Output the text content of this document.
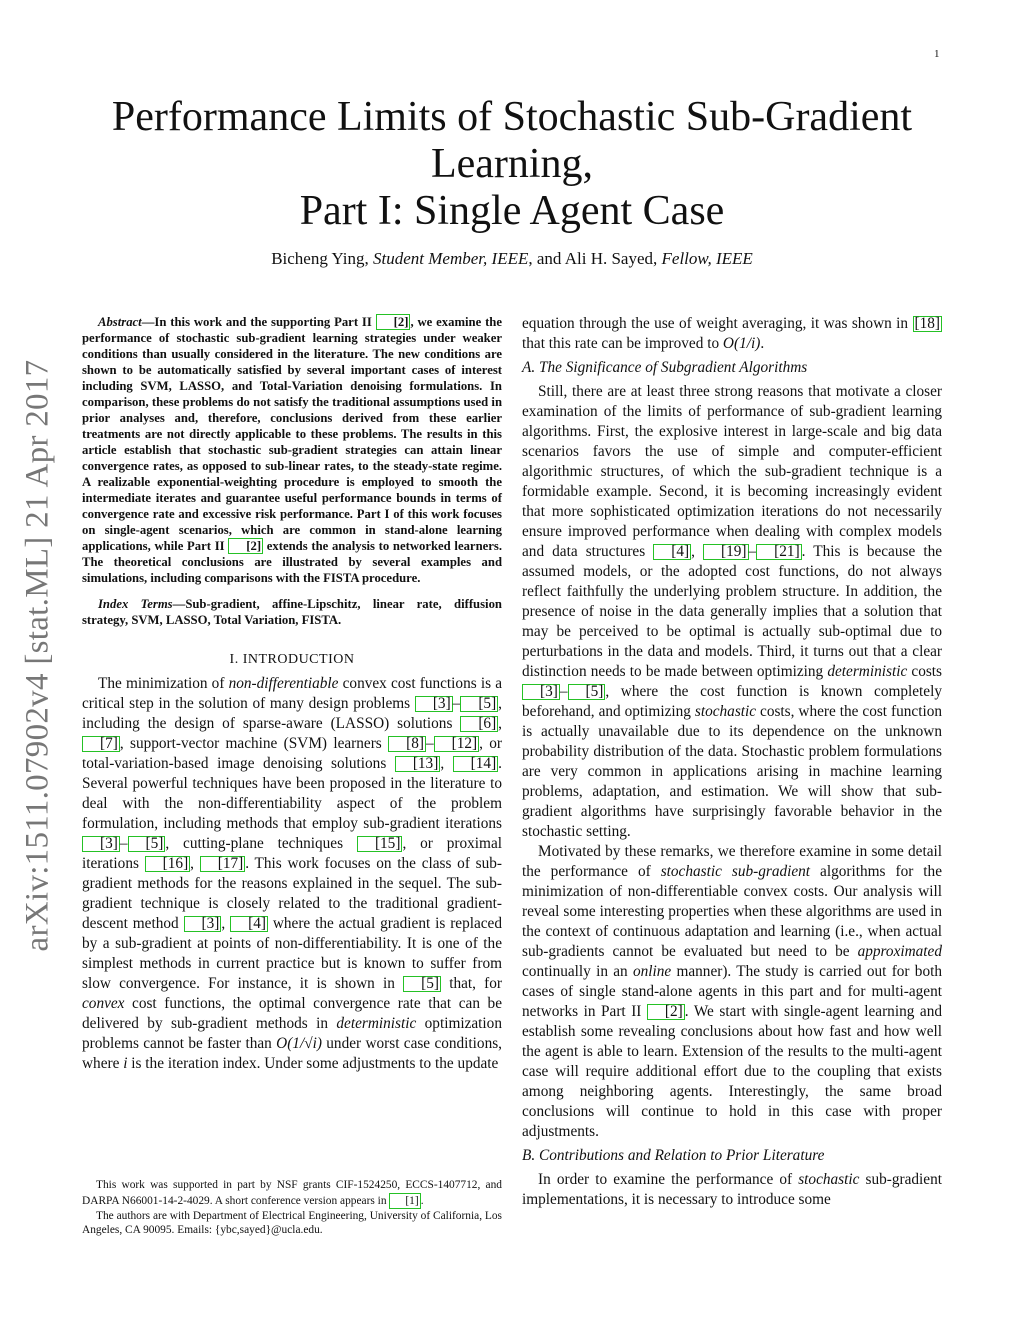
1
arXiv:1511.07902v4 [stat.ML] 21 Apr 2017
Performance Limits of Stochastic Sub-Gradient
Learning,
Part I: Single Agent Case
Bicheng Ying, Student Member, IEEE, and Ali H. Sayed, Fellow, IEEE

Abstract—In this work and the supporting Part II [2] , we examine the performance of stochastic sub-gradient learning strategies under weaker conditions than usually considered in the literature. The new conditions are shown to be automatically satisfied by several important cases of interest including SVM, LASSO, and Total-Variation denoising formulations. In comparison, these problems do not satisfy the traditional assumptions used in prior analyses and, therefore, conclusions derived from these earlier treatments are not directly applicable to these problems. The results in this article establish that stochastic sub-gradient strategies can attain linear convergence rates, as opposed to sub-linear rates, to the steady-state regime. A realizable exponential-weighting procedure is employed to smooth the intermediate iterates and guarantee useful performance bounds in terms of convergence rate and excessive risk performance. Part I of this work focuses on single-agent scenarios, which are common in stand-alone learning applications, while Part II [2] extends the analysis to networked learners. The theoretical conclusions are illustrated by several examples and simulations, including comparisons with the FISTA procedure.

Index Terms—Sub-gradient, affine-Lipschitz, linear rate, diffusion strategy, SVM, LASSO, Total Variation, FISTA.

I. INTRODUCTION

The minimization of non-differentiable convex cost functions is a critical step in the solution of many design problems [3] – [5] , including the design of sparse-aware (LASSO) solutions [6] , [7] , support-vector machine (SVM) learners [8] – [12] , or total-variation-based image denoising solutions [13] , [14] . Several powerful techniques have been proposed in the literature to deal with the non-differentiability aspect of the problem formulation, including methods that employ sub-gradient iterations [3] – [5] , cutting-plane techniques [15] , or proximal iterations [16] , [17] . This work focuses on the class of sub-gradient methods for the reasons explained in the sequel. The sub-gradient technique is closely related to the traditional gradient-descent method [3] , [4] where the actual gradient is replaced by a sub-gradient at points of non-differentiability. It is one of the simplest methods in current practice but is known to suffer from slow convergence. For instance, it is shown in [5] that, for convex cost functions, the optimal convergence rate that can be delivered by sub-gradient methods in deterministic optimization problems cannot be faster than O(1/√i) under worst case conditions, where i is the iteration index. Under some adjustments to the update

This work was supported in part by NSF grants CIF-1524250, ECCS-1407712, and DARPA N66001-14-2-4029. A short conference version appears in [1] .

The authors are with Department of Electrical Engineering, University of California, Los Angeles, CA 90095. Emails: {ybc,sayed}@ucla.edu.

equation through the use of weight averaging, it was shown in [18] that this rate can be improved to O(1/i).

A. The Significance of Subgradient Algorithms

Still, there are at least three strong reasons that motivate a closer examination of the limits of performance of sub-gradient learning algorithms. First, the explosive interest in large-scale and big data scenarios favors the use of simple and computer-efficient algorithmic structures, of which the sub-gradient technique is a formidable example. Second, it is becoming increasingly evident that more sophisticated optimization iterations do not necessarily ensure improved performance when dealing with complex models and data structures [4] , [19] – [21] . This is because the assumed models, or the adopted cost functions, do not always reflect faithfully the underlying problem structure. In addition, the presence of noise in the data generally implies that a solution that may be perceived to be optimal is actually sub-optimal due to perturbations in the data and models. Third, it turns out that a clear distinction needs to be made between optimizing deterministic costs [3] – [5] , where the cost function is known completely beforehand, and optimizing stochastic costs, where the cost function is actually unavailable due to its dependence on the unknown probability distribution of the data. Stochastic problem formulations are very common in applications arising in machine learning problems, adaptation, and estimation. We will show that sub-gradient algorithms have surprisingly favorable behavior in the stochastic setting.

Motivated by these remarks, we therefore examine in some detail the performance of stochastic sub-gradient algorithms for the minimization of non-differentiable convex costs. Our analysis will reveal some interesting properties when these algorithms are used in the context of continuous adaptation and learning (i.e., when actual sub-gradients cannot be evaluated but need to be approximated continually in an online manner). The study is carried out for both cases of single stand-alone agents in this part and for multi-agent networks in Part II [2] . We start with single-agent learning and establish some revealing conclusions about how fast and how well the agent is able to learn. Extension of the results to the multi-agent case will require additional effort due to the coupling that exists among neighboring agents. Interestingly, the same broad conclusions will continue to hold in this case with proper adjustments.

B. Contributions and Relation to Prior Literature

In order to examine the performance of stochastic sub-gradient implementations, it is necessary to introduce some
